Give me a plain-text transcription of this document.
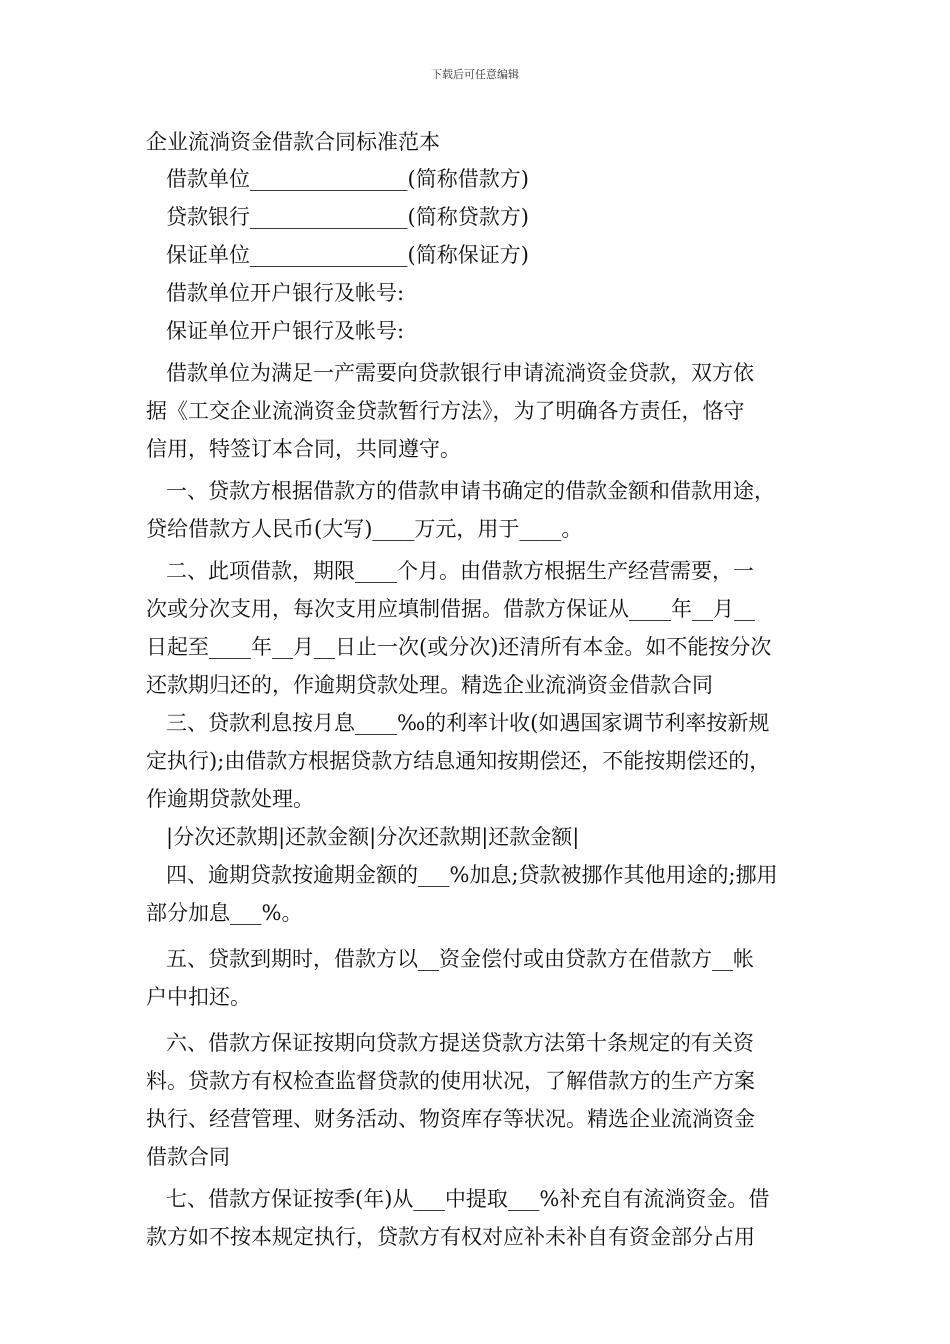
下载后可任意编辑
企业流淌资金借款合同标准范本
借款单位_______________(简称借款方)
贷款银行_______________(简称贷款方)
保证单位_______________(简称保证方)
借款单位开户银行及帐号:
保证单位开户银行及帐号:
借款单位为满足一产需要向贷款银行申请流淌资金贷款，双方依
据《工交企业流淌资金贷款暂行方法》，为了明确各方责任，恪守
信用，特签订本合同，共同遵守。
一、贷款方根据借款方的借款申请书确定的借款金额和借款用途，
贷给借款方人民币(大写)____万元，用于____。
二、此项借款，期限____个月。由借款方根据生产经营需要，一
次或分次支用，每次支用应填制借据。借款方保证从____年__月__
日起至____年__月__日止一次(或分次)还清所有本金。如不能按分次
还款期归还的，作逾期贷款处理。精选企业流淌资金借款合同
三、贷款利息按月息____‰的利率计收(如遇国家调节利率按新规
定执行);由借款方根据贷款方结息通知按期偿还，不能按期偿还的，
作逾期贷款处理。
|分次还款期|还款金额|分次还款期|还款金额|
四、逾期贷款按逾期金额的___%加息;贷款被挪作其他用途的;挪用
部分加息___%。
五、贷款到期时，借款方以__资金偿付或由贷款方在借款方__帐
户中扣还。
六、借款方保证按期向贷款方提送贷款方法第十条规定的有关资
料。贷款方有权检查监督贷款的使用状况，了解借款方的生产方案
执行、经营管理、财务活动、物资库存等状况。精选企业流淌资金
借款合同
七、借款方保证按季(年)从___中提取___%补充自有流淌资金。借
款方如不按本规定执行，贷款方有权对应补未补自有资金部分占用
